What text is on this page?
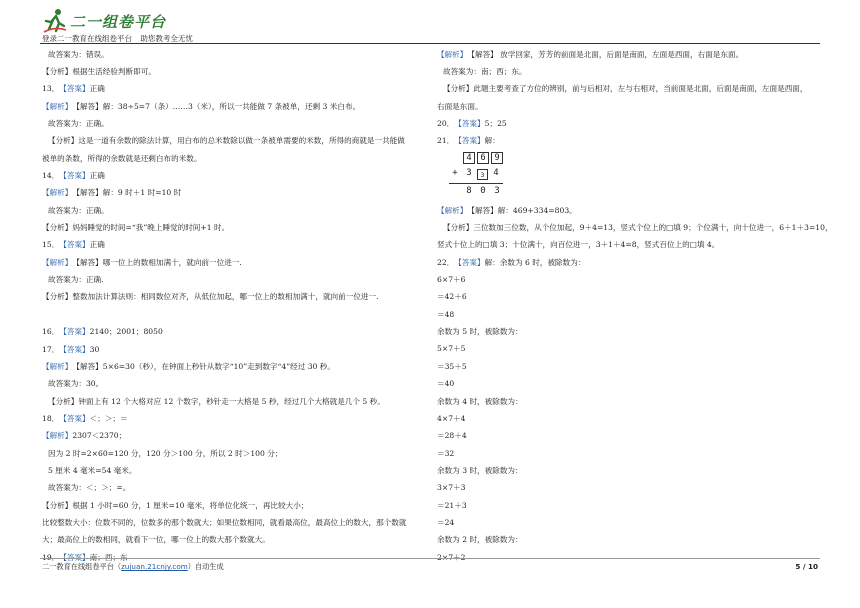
二一组卷平台
登录二一教育在线组卷平台 助您教考全无忧
故答案为：错误。
【分析】根据生活经验判断即可。
13． 【答案】 正确
【解析】 【解答】解：38÷5=7（条）……3（米），所以一共能做 7 条被单，还剩 3 米白布。
故答案为：正确。
【分析】这是一道有余数的除法计算，用白布的总米数除以做一条被单需要的米数，所得的商就是一共能做
被单的条数，所得的余数就是还剩白布的米数。
14． 【答案】 正确
【解析】 【解答】解：9 时＋1 时=10 时
故答案为：正确。
【分析】妈妈睡觉的时间=“我”晚上睡觉的时间+1 时。
15． 【答案】 正确
【解析】 【解答】哪一位上的数相加满十，就向前一位进一.
故答案为：正确.
【分析】整数加法计算法则：相同数位对齐，从低位加起，哪一位上的数相加满十，就向前一位进一.
16． 【答案】 2140；2001；8050
17． 【答案】 30
【解析】 【解答】5×6=30（秒），在钟面上秒针从数字“10”走到数字“4”经过 30 秒。
故答案为：30。
【分析】钟面上有 12 个大格对应 12 个数字，秒针走一大格是 5 秒，经过几个大格就是几个 5 秒。
18． 【答案】 ＜；＞；＝
【解析】 2307＜2370；
因为 2 时=2×60=120 分，120 分＞100 分，所以 2 时＞100 分；
5 厘米 4 毫米=54 毫米。
故答案为：＜；＞；=。
【分析】根据 1 小时=60 分，1 厘米=10 毫米，将单位化统一，再比较大小；
比较整数大小：位数不同的，位数多的那个数就大；如果位数相同，就看最高位，最高位上的数大，那个数就
大；最高位上的数相同，就看下一位，哪一位上的数大那个数就大。
19． 【答案】 南；西；东
【解析】 【解答】 放学回家，芳芳的前面是北面，后面是南面，左面是西面，右面是东面。
故答案为：南；西；东。
【分析】此题主要考查了方位的辨别，前与后相对，左与右相对，当前面是北面，后面是南面，左面是西面，
右面是东面。
20． 【答案】 5；25
21． 【答案】 解：
4	6	9
+ 3	3 4
8 0 3
【解析】 【解答】解：469+334=803。
【分析】三位数加三位数，从个位加起，9＋4=13，竖式个位上的□填 9；个位满十，向十位进一，6＋1＋3=10，
竖式十位上的□填 3；十位满十，向百位进一，3＋1＋4=8，竖式百位上的□填 4。
22． 【答案】 解：余数为 6 时，被除数为：
6×7＋6
＝42＋6
＝48
余数为 5 时，被除数为：
5×7＋5
＝35＋5
＝40
余数为 4 时，被除数为：
4×7＋4
＝28＋4
＝32
余数为 3 时，被除数为：
3×7＋3
＝21＋3
＝24
余数为 2 时，被除数为：
2×7＋2
二一教育在线组卷平台（zujuan.21cnjy.com）自动生成	5 / 10
